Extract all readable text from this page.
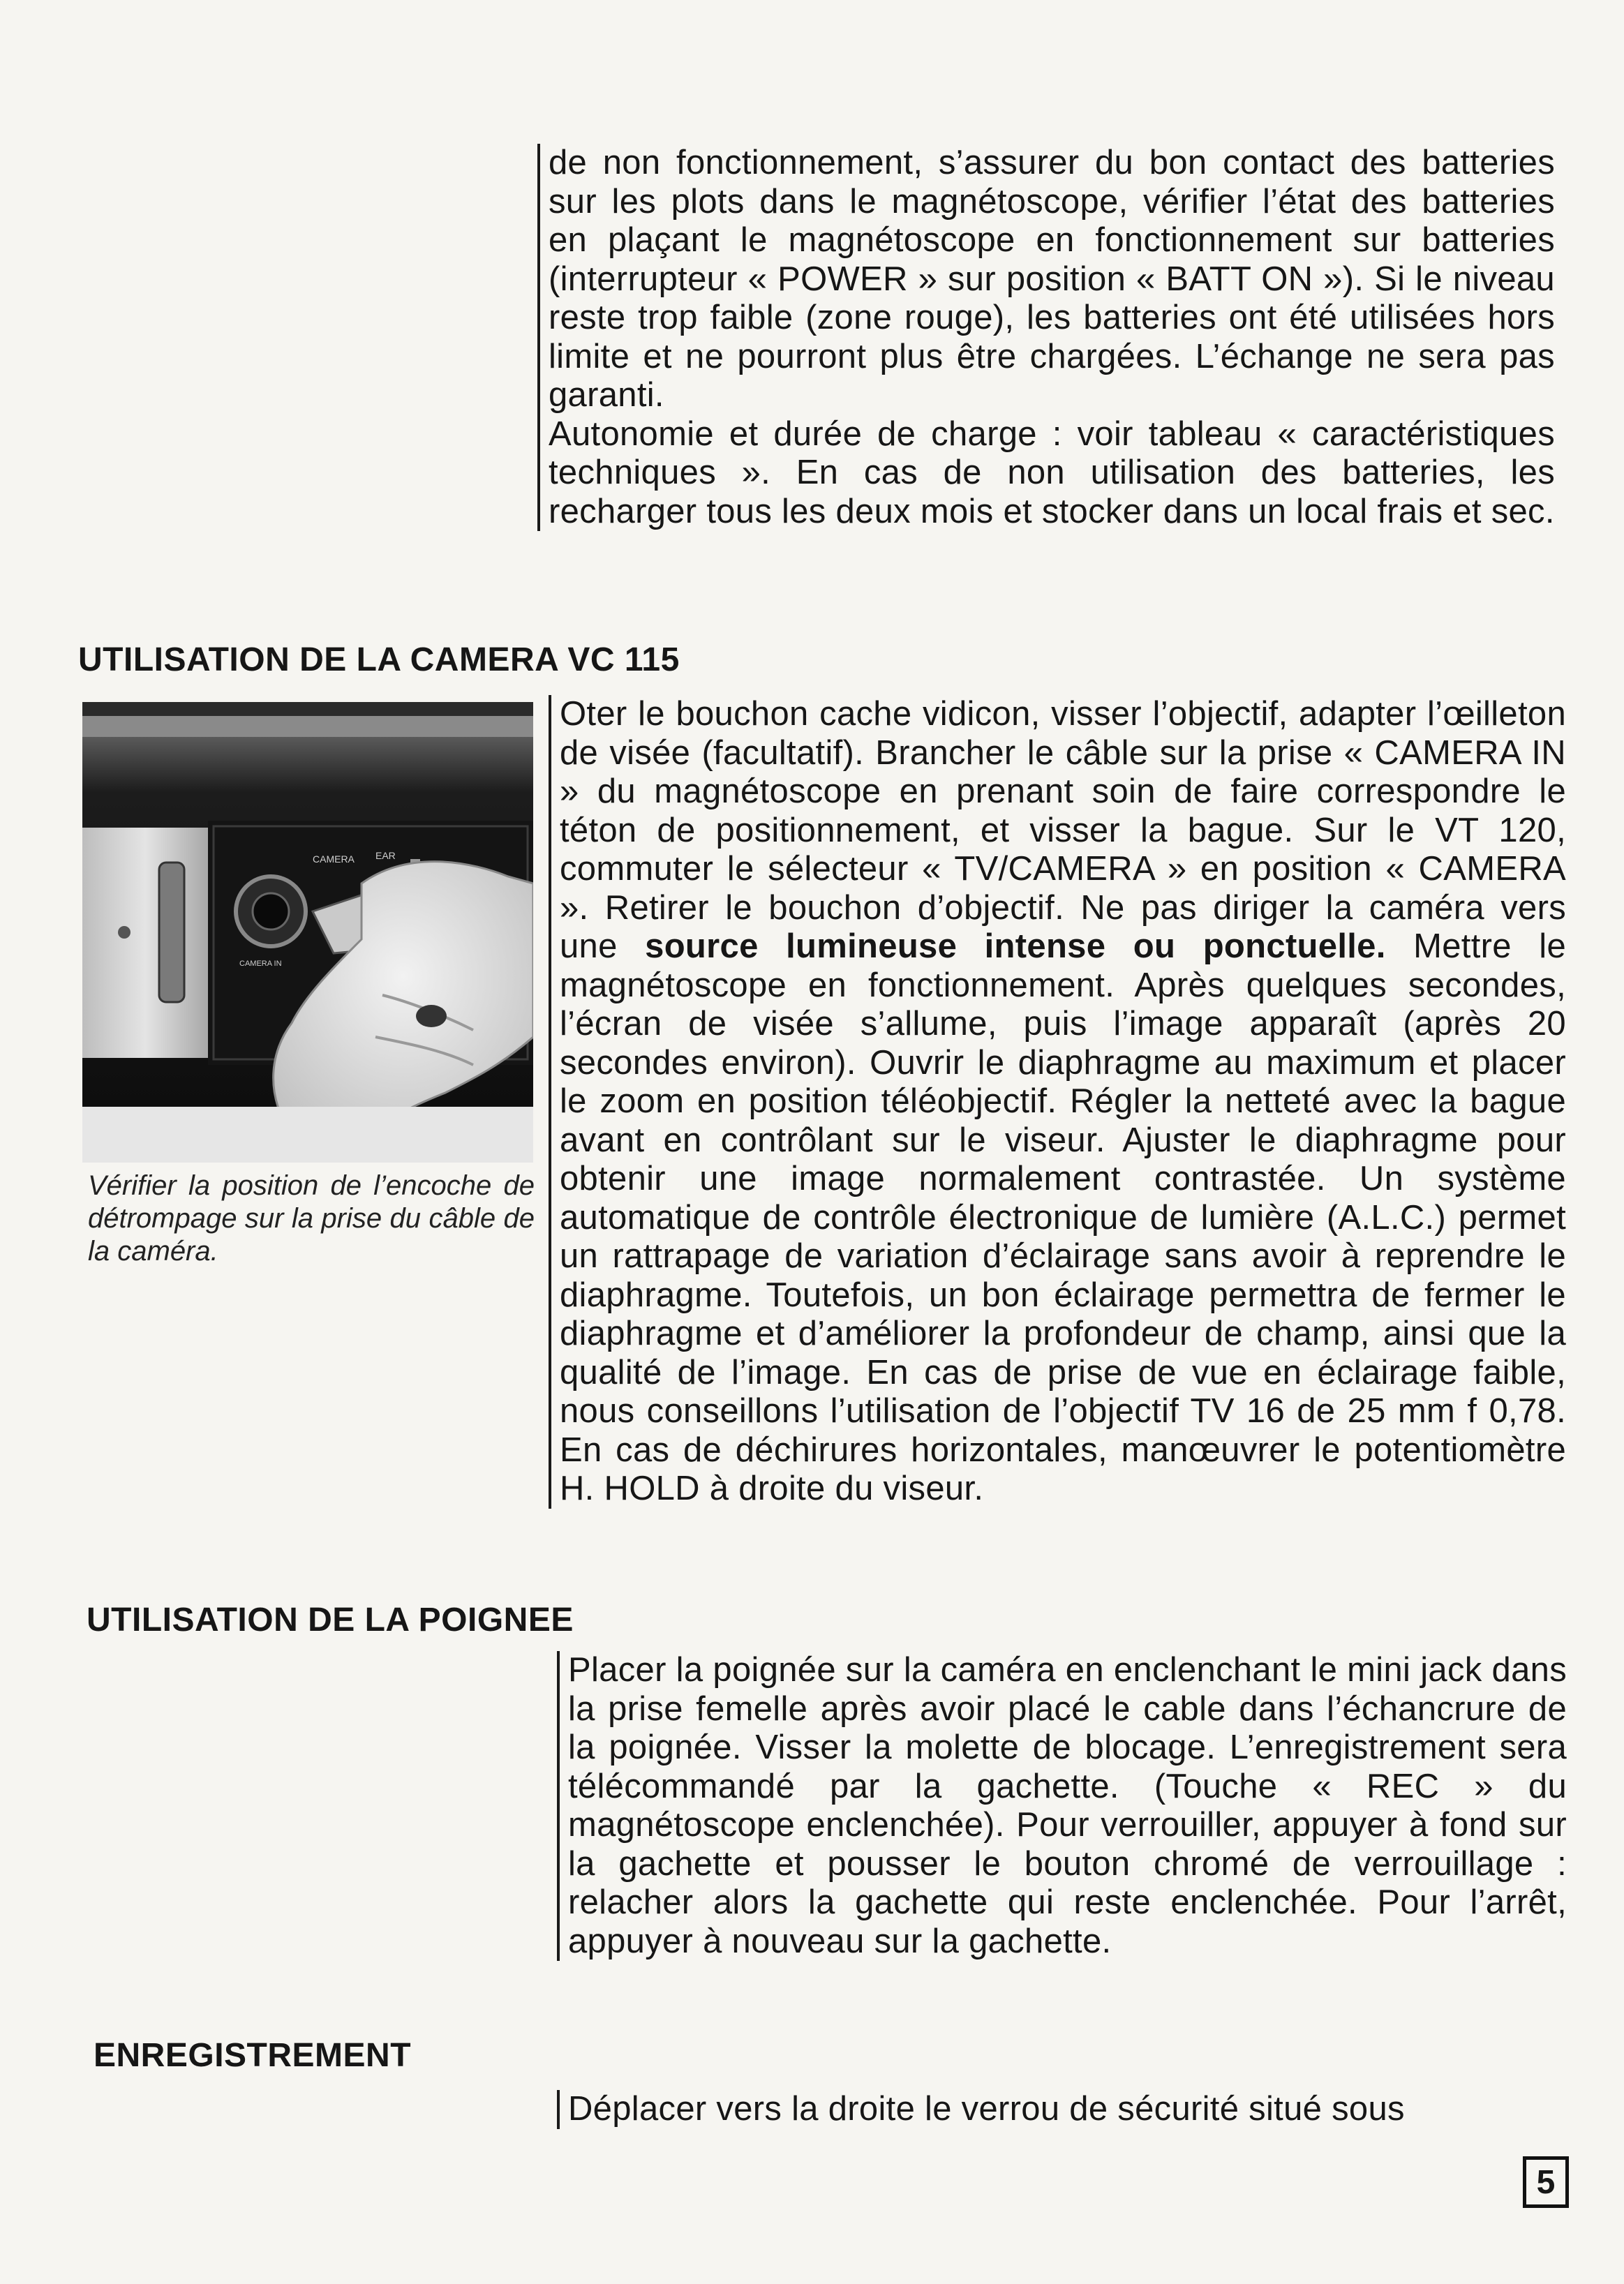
de non fonctionnement, s’assurer du bon contact des batteries sur les plots dans le magnétoscope, vérifier l’état des batteries en plaçant le magnétoscope en fonctionnement sur batteries (interrupteur « POWER » sur position « BATT ON »). Si le niveau reste trop faible (zone rouge), les batteries ont été utilisées hors limite et ne pourront plus être chargées. L’échange ne sera pas garanti.

Autonomie et durée de charge : voir tableau « caractéristiques techniques ». En cas de non utilisation des batteries, les recharger tous les deux mois et stocker dans un local frais et sec.

UTILISATION DE LA CAMERA VC 115
CAMERA EAR
CAMERA IN
Vérifier la position de l’encoche de détrompage sur la prise du câble de la caméra.

Oter le bouchon cache vidicon, visser l’objectif, adapter l’œilleton de visée (facultatif). Brancher le câble sur la prise « CAMERA IN » du magnétoscope en prenant soin de faire correspondre le téton de positionnement, et visser la bague. Sur le VT 120, commuter le sélecteur « TV/CAMERA » en position « CAMERA ». Retirer le bouchon d’objectif. Ne pas diriger la caméra vers une source lumineuse intense ou ponctuelle. Mettre le magnétoscope en fonctionnement. Après quelques secondes, l’écran de visée s’allume, puis l’image apparaît (après 20 secondes environ). Ouvrir le diaphragme au maximum et placer le zoom en position téléobjectif. Régler la netteté avec la bague avant en contrôlant sur le viseur. Ajuster le diaphragme pour obtenir une image normalement contrastée. Un système automatique de contrôle électronique de lumière (A.L.C.) permet un rattrapage de variation d’éclairage sans avoir à reprendre le diaphragme. Toutefois, un bon éclairage permettra de fermer le diaphragme et d’améliorer la profondeur de champ, ainsi que la qualité de l’image. En cas de prise de vue en éclairage faible, nous conseillons l’utilisation de l’objectif TV 16 de 25 mm f 0,78. En cas de déchirures horizontales, manœuvrer le potentiomètre H. HOLD à droite du viseur.

UTILISATION DE LA POIGNEE

Placer la poignée sur la caméra en enclenchant le mini jack dans la prise femelle après avoir placé le cable dans l’échancrure de la poignée. Visser la molette de blocage. L’enregistrement sera télécommandé par la gachette. (Touche « REC » du magnétoscope enclenchée). Pour verrouiller, appuyer à fond sur la gachette et pousser le bouton chromé de verrouillage : relacher alors la gachette qui reste enclenchée. Pour l’arrêt, appuyer à nouveau sur la gachette.

ENREGISTREMENT

Déplacer vers la droite le verrou de sécurité situé sous

5
